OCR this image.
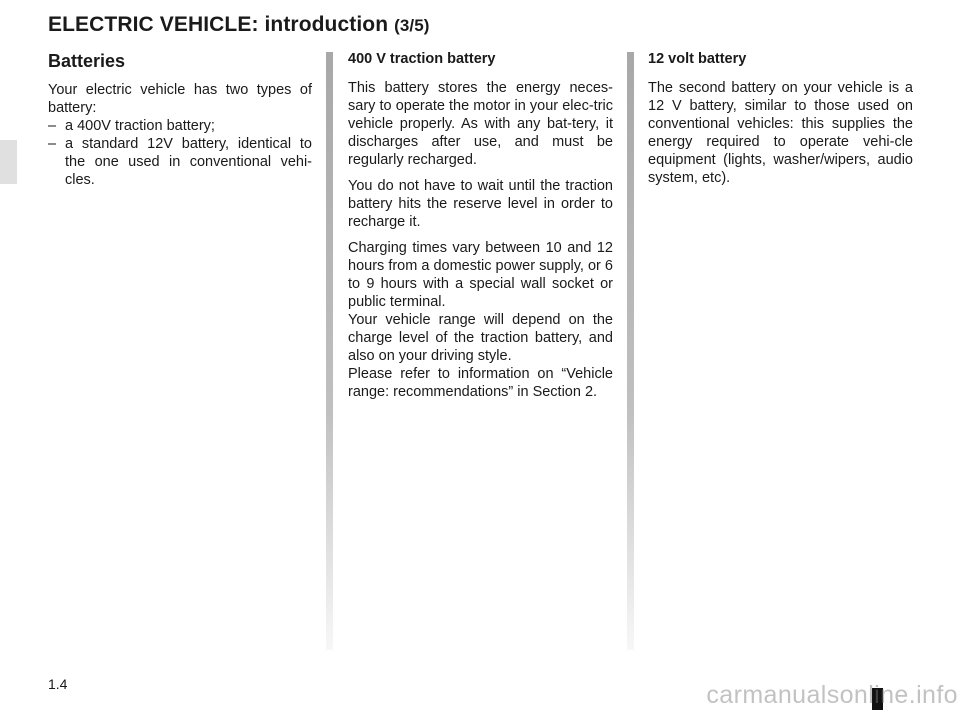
ELECTRIC VEHICLE: introduction (3/5)
Batteries

Your electric vehicle has two types of battery:

– a 400V traction battery;
– a standard 12V battery, identical to the one used in conventional vehi-cles.
400 V traction battery

This battery stores the energy neces-sary to operate the motor in your elec-tric vehicle properly. As with any bat-tery, it discharges after use, and must be regularly recharged.

You do not have to wait until the traction battery hits the reserve level in order to recharge it.

Charging times vary between 10 and 12 hours from a domestic power supply, or 6 to 9 hours with a special wall socket or public terminal.

Your vehicle range will depend on the charge level of the traction battery, and also on your driving style.

Please refer to information on “Vehicle range: recommendations” in Section 2.

12 volt battery

The second battery on your vehicle is a 12 V battery, similar to those used on conventional vehicles: this supplies the energy required to operate vehi-cle equipment (lights, washer/wipers, audio system, etc).

1.4	carmanualsonline.info
